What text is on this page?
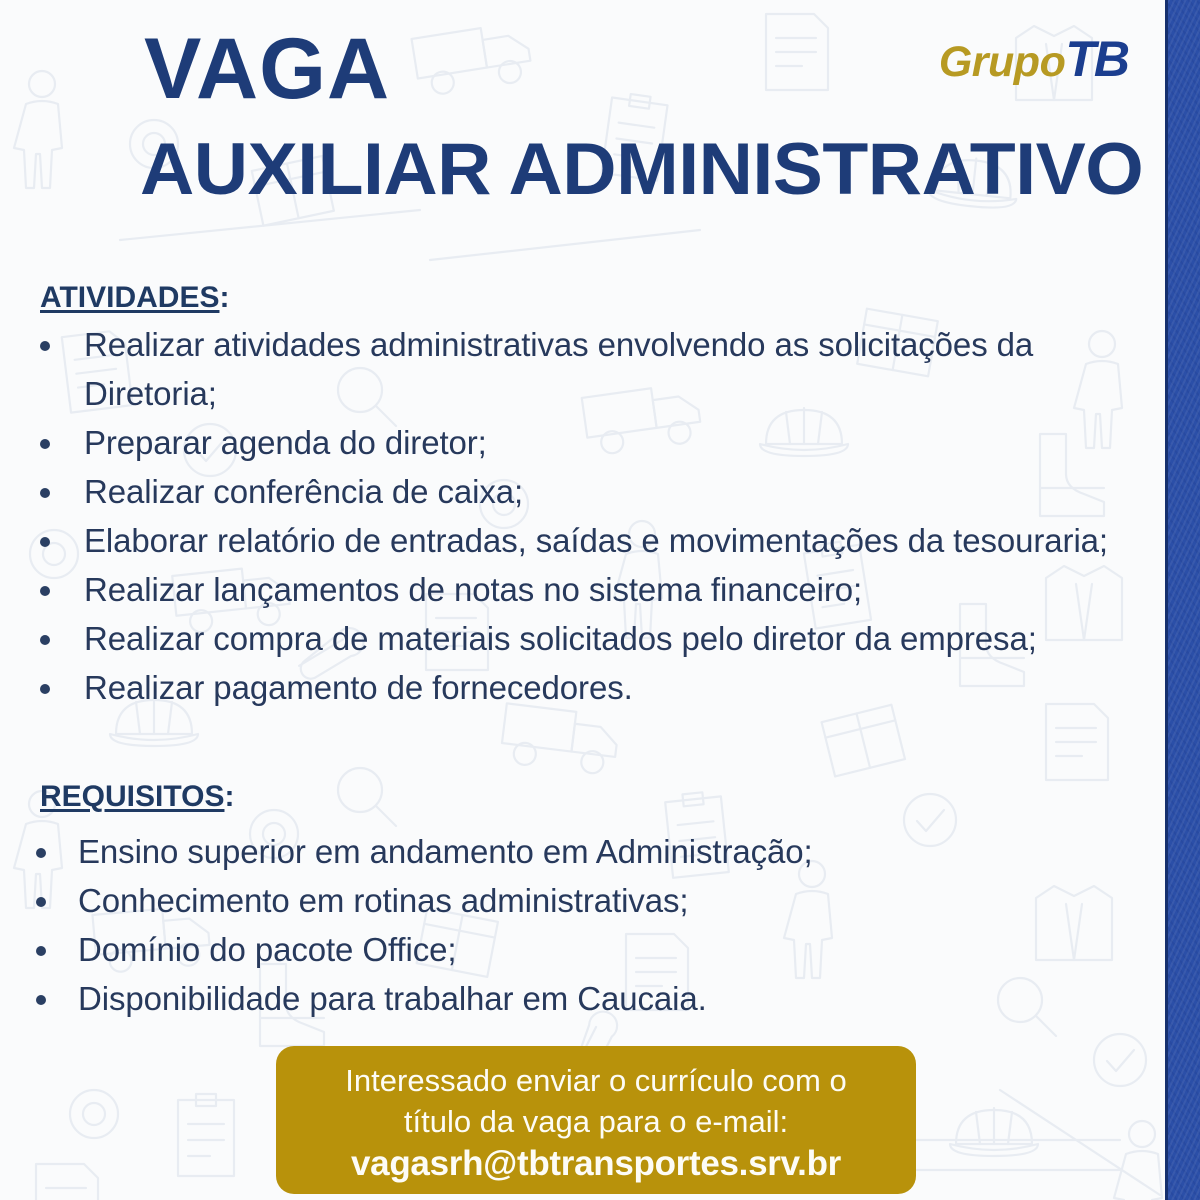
GrupoTB
VAGA
AUXILIAR ADMINISTRATIVO
ATIVIDADES:
Realizar atividades administrativas envolvendo as solicitações da Diretoria;
Preparar agenda do diretor;
Realizar conferência de caixa;
Elaborar relatório de entradas, saídas e movimentações da tesouraria;
Realizar lançamentos de notas no sistema financeiro;
Realizar compra de materiais solicitados pelo diretor da empresa;
Realizar pagamento de fornecedores.
REQUISITOS:
Ensino superior em andamento em Administração;
Conhecimento em rotinas administrativas;
Domínio do pacote Office;
Disponibilidade para trabalhar em Caucaia.
Interessado enviar o currículo com o
título da vaga para o e-mail:
vagasrh@tbtransportes.srv.br
